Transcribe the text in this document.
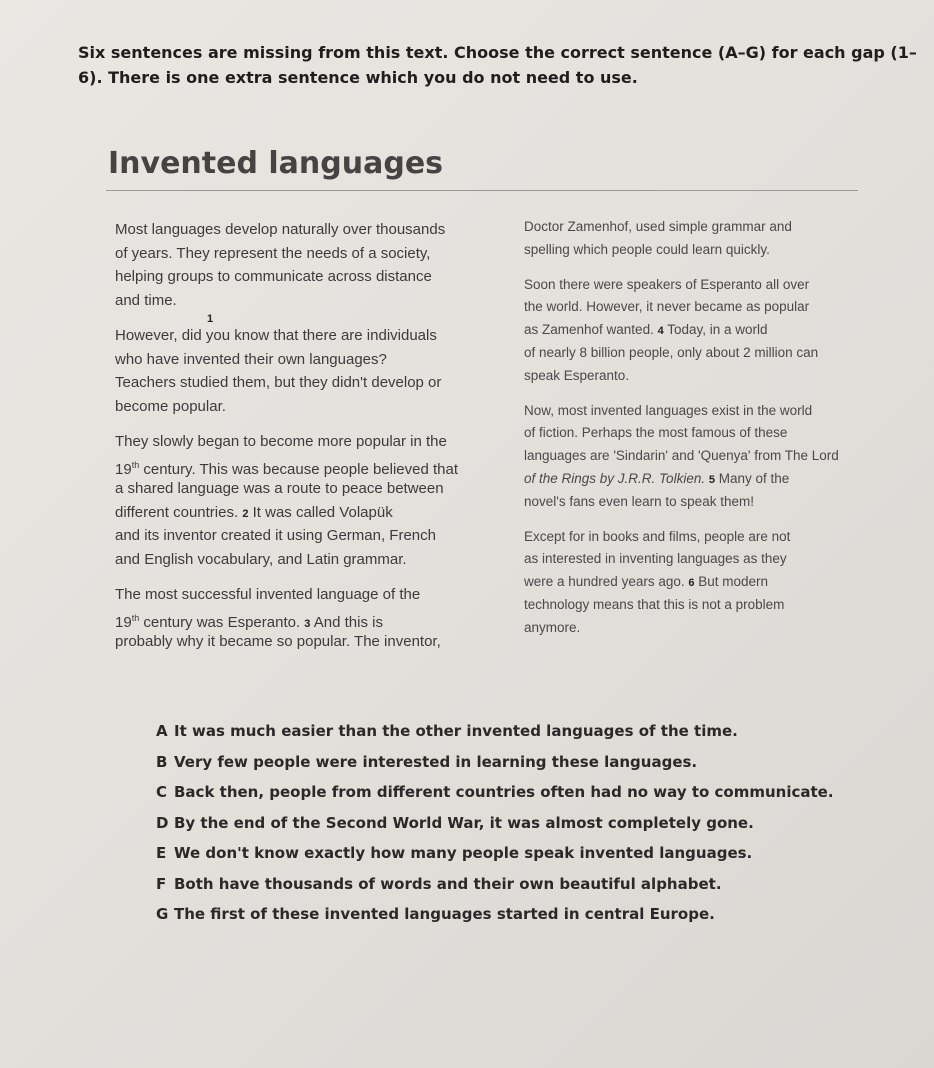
Six sentences are missing from this text. Choose the correct sentence (A–G) for each gap (1–6). There is one extra sentence which you do not need to use.
Invented languages
Most languages develop naturally over thousands
of years. They represent the needs of a society,
helping groups to communicate across distance
and time.
1
However, did you know that there are individuals
who have invented their own languages?
Teachers studied them, but they didn't develop or
become popular.
They slowly began to become more popular in the
19th century. This was because people believed that
a shared language was a route to peace between
different countries. 2 It was called Volapük
and its inventor created it using German, French
and English vocabulary, and Latin grammar.
The most successful invented language of the
19th century was Esperanto. 3 And this is
probably why it became so popular. The inventor,
Doctor Zamenhof, used simple grammar and
spelling which people could learn quickly.
Soon there were speakers of Esperanto all over
the world. However, it never became as popular
as Zamenhof wanted. 4 Today, in a world
of nearly 8 billion people, only about 2 million can
speak Esperanto.
Now, most invented languages exist in the world
of fiction. Perhaps the most famous of these
languages are 'Sindarin' and 'Quenya' from The Lord
of the Rings by J.R.R. Tolkien. 5 Many of the
novel's fans even learn to speak them!
Except for in books and films, people are not
as interested in inventing languages as they
were a hundred years ago. 6 But modern
technology means that this is not a problem
anymore.
A It was much easier than the other invented languages of the time.
B Very few people were interested in learning these languages.
C Back then, people from different countries often had no way to communicate.
D By the end of the Second World War, it was almost completely gone.
E We don't know exactly how many people speak invented languages.
F Both have thousands of words and their own beautiful alphabet.
G The first of these invented languages started in central Europe.
